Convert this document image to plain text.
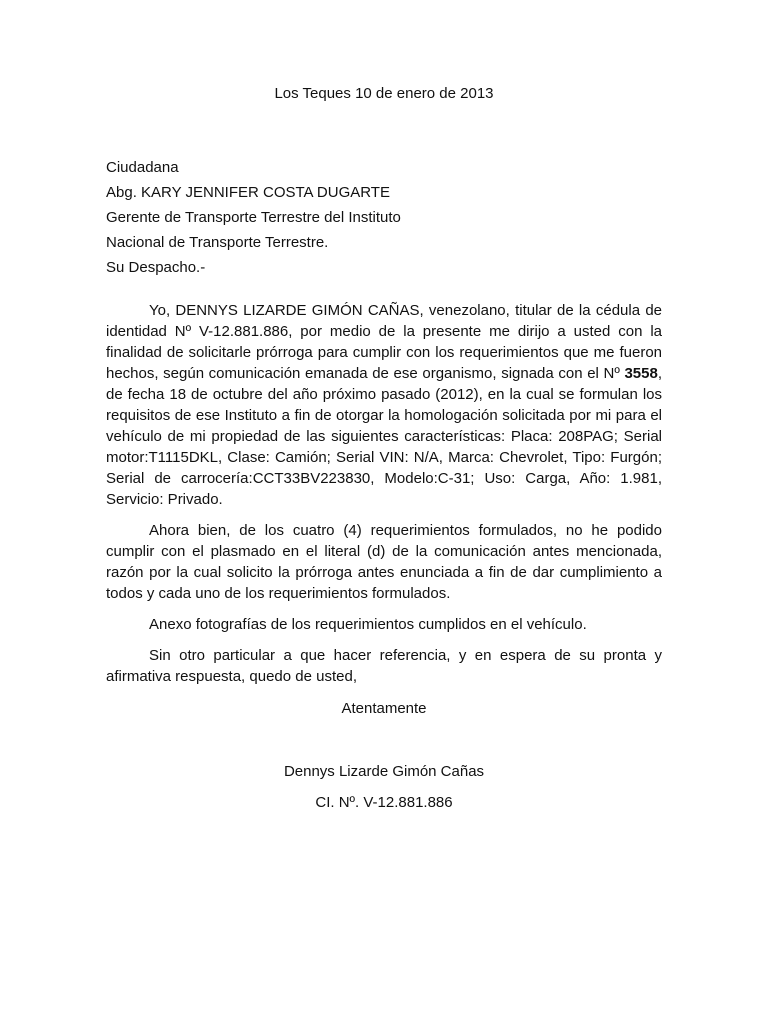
Los Teques 10 de enero de 2013
Ciudadana
Abg. KARY JENNIFER COSTA DUGARTE
Gerente de Transporte Terrestre del Instituto
Nacional de Transporte Terrestre.
Su Despacho.-

Yo, DENNYS LIZARDE GIMÓN CAÑAS, venezolano, titular de la cédula de identidad Nº V-12.881.886, por medio de la presente me dirijo a usted con la finalidad de solicitarle prórroga para cumplir con los requerimientos que me fueron hechos, según comunicación emanada de ese organismo, signada con el Nº 3558, de fecha 18 de octubre del año próximo pasado (2012), en la cual se formulan los requisitos de ese Instituto a fin de otorgar la homologación solicitada por mi para el vehículo de mi propiedad de las siguientes características: Placa: 208PAG; Serial motor:T1115DKL, Clase: Camión; Serial VIN: N/A, Marca: Chevrolet, Tipo: Furgón; Serial de carrocería:CCT33BV223830, Modelo:C-31; Uso: Carga, Año: 1.981, Servicio: Privado.

Ahora bien, de los cuatro (4) requerimientos formulados, no he podido cumplir con el plasmado en el literal (d) de la comunicación antes mencionada, razón por la cual solicito la prórroga antes enunciada a fin de dar cumplimiento a todos y cada uno de los requerimientos formulados.

Anexo fotografías de los requerimientos cumplidos en el vehículo.

Sin otro particular a que hacer referencia, y en espera de su pronta y afirmativa respuesta, quedo de usted,

Atentamente
Dennys Lizarde Gimón Cañas
CI. Nº. V-12.881.886
